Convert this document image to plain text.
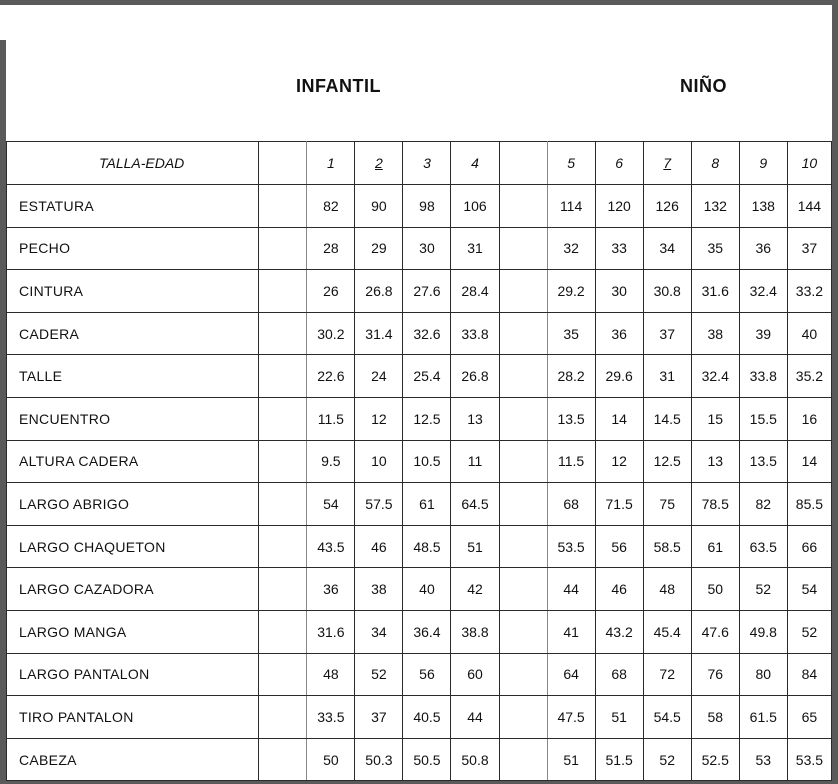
INFANTIL	NIÑO
TALLA-EDAD		1	2	3	4		5	6	7	8	9	10
ESTATURA		82	90	98	106		114	120	126	132	138	144
PECHO		28	29	30	31		32	33	34	35	36	37
CINTURA		26	26.8	27.6	28.4		29.2	30	30.8	31.6	32.4	33.2
CADERA		30.2	31.4	32.6	33.8		35	36	37	38	39	40
TALLE		22.6	24	25.4	26.8		28.2	29.6	31	32.4	33.8	35.2
ENCUENTRO		11.5	12	12.5	13		13.5	14	14.5	15	15.5	16
ALTURA CADERA		9.5	10	10.5	11		11.5	12	12.5	13	13.5	14
LARGO ABRIGO		54	57.5	61	64.5		68	71.5	75	78.5	82	85.5
LARGO CHAQUETON		43.5	46	48.5	51		53.5	56	58.5	61	63.5	66
LARGO CAZADORA		36	38	40	42		44	46	48	50	52	54
LARGO MANGA		31.6	34	36.4	38.8		41	43.2	45.4	47.6	49.8	52
LARGO PANTALON		48	52	56	60		64	68	72	76	80	84
TIRO PANTALON		33.5	37	40.5	44		47.5	51	54.5	58	61.5	65
CABEZA		50	50.3	50.5	50.8		51	51.5	52	52.5	53	53.5
